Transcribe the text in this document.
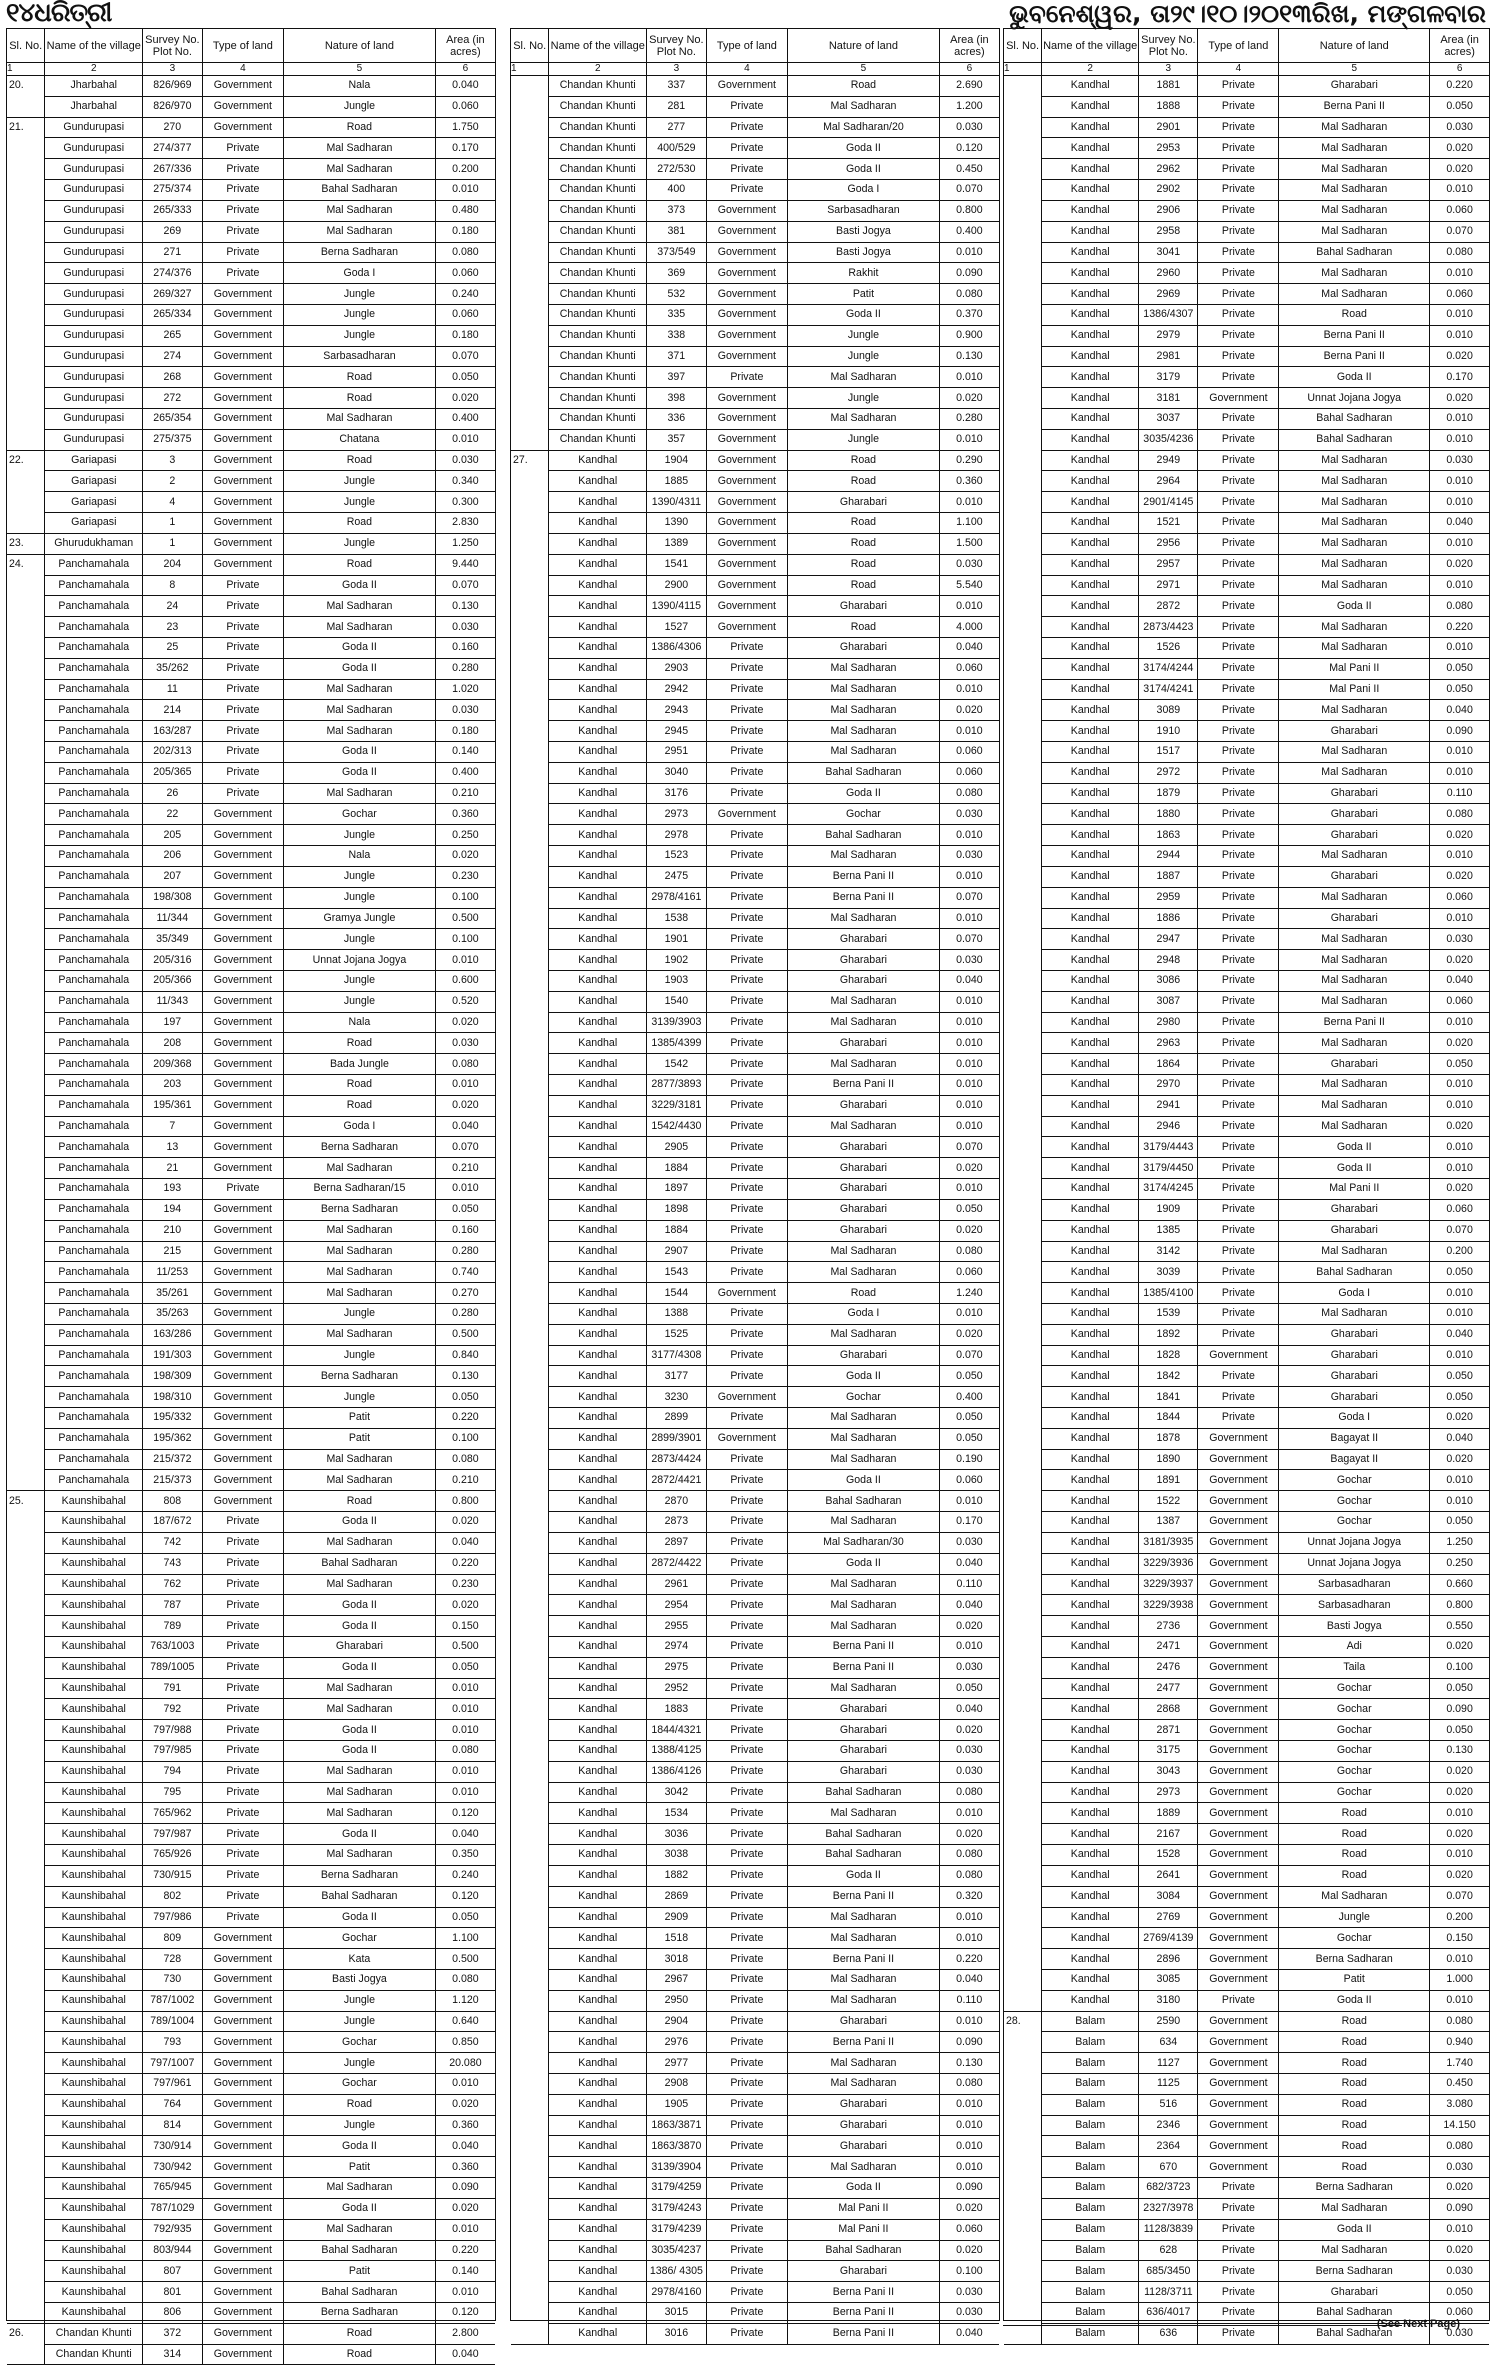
୧୪ଧରିତ୍ରୀ	ଭୁବନେଶ୍ୱର, ତା୨୯।୧୦।୨୦୧୩ରିଖ, ମଙ୍ଗଳବାର
Sl. No.	Name of the village	Survey No. Plot No.	Type of land	Nature of land	Area (in acres)
1	2	3	4	5	6
20.	Jharbahal	826/969	Government	Nala	0.040
	Jharbahal	826/970	Government	Jungle	0.060
21.	Gundurupasi	270	Government	Road	1.750
	Gundurupasi	274/377	Private	Mal Sadharan	0.170
	Gundurupasi	267/336	Private	Mal Sadharan	0.200
	Gundurupasi	275/374	Private	Bahal Sadharan	0.010
	Gundurupasi	265/333	Private	Mal Sadharan	0.480
	Gundurupasi	269	Private	Mal Sadharan	0.180
	Gundurupasi	271	Private	Berna Sadharan	0.080
	Gundurupasi	274/376	Private	Goda I	0.060
	Gundurupasi	269/327	Government	Jungle	0.240
	Gundurupasi	265/334	Government	Jungle	0.060
	Gundurupasi	265	Government	Jungle	0.180
	Gundurupasi	274	Government	Sarbasadharan	0.070
	Gundurupasi	268	Government	Road	0.050
	Gundurupasi	272	Government	Road	0.020
	Gundurupasi	265/354	Government	Mal Sadharan	0.400
	Gundurupasi	275/375	Government	Chatana	0.010
22.	Gariapasi	3	Government	Road	0.030
	Gariapasi	2	Government	Jungle	0.340
	Gariapasi	4	Government	Jungle	0.300
	Gariapasi	1	Government	Road	2.830
23.	Ghurudukhaman	1	Government	Jungle	1.250
24.	Panchamahala	204	Government	Road	9.440
	Panchamahala	8	Private	Goda II	0.070
	Panchamahala	24	Private	Mal Sadharan	0.130
	Panchamahala	23	Private	Mal Sadharan	0.030
	Panchamahala	25	Private	Goda II	0.160
	Panchamahala	35/262	Private	Goda II	0.280
	Panchamahala	11	Private	Mal Sadharan	1.020
	Panchamahala	214	Private	Mal Sadharan	0.030
	Panchamahala	163/287	Private	Mal Sadharan	0.180
	Panchamahala	202/313	Private	Goda II	0.140
	Panchamahala	205/365	Private	Goda II	0.400
	Panchamahala	26	Private	Mal Sadharan	0.210
	Panchamahala	22	Government	Gochar	0.360
	Panchamahala	205	Government	Jungle	0.250
	Panchamahala	206	Government	Nala	0.020
	Panchamahala	207	Government	Jungle	0.230
	Panchamahala	198/308	Government	Jungle	0.100
	Panchamahala	11/344	Government	Gramya Jungle	0.500
	Panchamahala	35/349	Government	Jungle	0.100
	Panchamahala	205/316	Government	Unnat Jojana Jogya	0.010
	Panchamahala	205/366	Government	Jungle	0.600
	Panchamahala	11/343	Government	Jungle	0.520
	Panchamahala	197	Government	Nala	0.020
	Panchamahala	208	Government	Road	0.030
	Panchamahala	209/368	Government	Bada Jungle	0.080
	Panchamahala	203	Government	Road	0.010
	Panchamahala	195/361	Government	Road	0.020
	Panchamahala	7	Government	Goda I	0.040
	Panchamahala	13	Government	Berna Sadharan	0.070
	Panchamahala	21	Government	Mal Sadharan	0.210
	Panchamahala	193	Private	Berna Sadharan/15	0.010
	Panchamahala	194	Government	Berna Sadharan	0.050
	Panchamahala	210	Government	Mal Sadharan	0.160
	Panchamahala	215	Government	Mal Sadharan	0.280
	Panchamahala	11/253	Government	Mal Sadharan	0.740
	Panchamahala	35/261	Government	Mal Sadharan	0.270
	Panchamahala	35/263	Government	Jungle	0.280
	Panchamahala	163/286	Government	Mal Sadharan	0.500
	Panchamahala	191/303	Government	Jungle	0.840
	Panchamahala	198/309	Government	Berna Sadharan	0.130
	Panchamahala	198/310	Government	Jungle	0.050
	Panchamahala	195/332	Government	Patit	0.220
	Panchamahala	195/362	Government	Patit	0.100
	Panchamahala	215/372	Government	Mal Sadharan	0.080
	Panchamahala	215/373	Government	Mal Sadharan	0.210
25.	Kaunshibahal	808	Government	Road	0.800
	Kaunshibahal	187/672	Private	Goda II	0.020
	Kaunshibahal	742	Private	Mal Sadharan	0.040
	Kaunshibahal	743	Private	Bahal Sadharan	0.220
	Kaunshibahal	762	Private	Mal Sadharan	0.230
	Kaunshibahal	787	Private	Goda II	0.020
	Kaunshibahal	789	Private	Goda II	0.150
	Kaunshibahal	763/1003	Private	Gharabari	0.500
	Kaunshibahal	789/1005	Private	Goda II	0.050
	Kaunshibahal	791	Private	Mal Sadharan	0.010
	Kaunshibahal	792	Private	Mal Sadharan	0.010
	Kaunshibahal	797/988	Private	Goda II	0.010
	Kaunshibahal	797/985	Private	Goda II	0.080
	Kaunshibahal	794	Private	Mal Sadharan	0.010
	Kaunshibahal	795	Private	Mal Sadharan	0.010
	Kaunshibahal	765/962	Private	Mal Sadharan	0.120
	Kaunshibahal	797/987	Private	Goda II	0.040
	Kaunshibahal	765/926	Private	Mal Sadharan	0.350
	Kaunshibahal	730/915	Private	Berna Sadharan	0.240
	Kaunshibahal	802	Private	Bahal Sadharan	0.120
	Kaunshibahal	797/986	Private	Goda II	0.050
	Kaunshibahal	809	Government	Gochar	1.100
	Kaunshibahal	728	Government	Kata	0.500
	Kaunshibahal	730	Government	Basti Jogya	0.080
	Kaunshibahal	787/1002	Government	Jungle	1.120
	Kaunshibahal	789/1004	Government	Jungle	0.640
	Kaunshibahal	793	Government	Gochar	0.850
	Kaunshibahal	797/1007	Government	Jungle	20.080
	Kaunshibahal	797/961	Government	Gochar	0.010
	Kaunshibahal	764	Government	Road	0.020
	Kaunshibahal	814	Government	Jungle	0.360
	Kaunshibahal	730/914	Government	Goda II	0.040
	Kaunshibahal	730/942	Government	Patit	0.360
	Kaunshibahal	765/945	Government	Mal Sadharan	0.090
	Kaunshibahal	787/1029	Government	Goda II	0.020
	Kaunshibahal	792/935	Government	Mal Sadharan	0.010
	Kaunshibahal	803/944	Government	Bahal Sadharan	0.220
	Kaunshibahal	807	Government	Patit	0.140
	Kaunshibahal	801	Government	Bahal Sadharan	0.010
	Kaunshibahal	806	Government	Berna Sadharan	0.120
26.	Chandan Khunti	372	Government	Road	2.800
	Chandan Khunti	314	Government	Road	0.040
Sl. No.	Name of the village	Survey No. Plot No.	Type of land	Nature of land	Area (in acres)
1	2	3	4	5	6
	Chandan Khunti	337	Government	Road	2.690
	Chandan Khunti	281	Private	Mal Sadharan	1.200
	Chandan Khunti	277	Private	Mal Sadharan/20	0.030
	Chandan Khunti	400/529	Private	Goda II	0.120
	Chandan Khunti	272/530	Private	Goda II	0.450
	Chandan Khunti	400	Private	Goda I	0.070
	Chandan Khunti	373	Government	Sarbasadharan	0.800
	Chandan Khunti	381	Government	Basti Jogya	0.400
	Chandan Khunti	373/549	Government	Basti Jogya	0.010
	Chandan Khunti	369	Government	Rakhit	0.090
	Chandan Khunti	532	Government	Patit	0.080
	Chandan Khunti	335	Government	Goda II	0.370
	Chandan Khunti	338	Government	Jungle	0.900
	Chandan Khunti	371	Government	Jungle	0.130
	Chandan Khunti	397	Private	Mal Sadharan	0.010
	Chandan Khunti	398	Government	Jungle	0.020
	Chandan Khunti	336	Government	Mal Sadharan	0.280
	Chandan Khunti	357	Government	Jungle	0.010
27.	Kandhal	1904	Government	Road	0.290
	Kandhal	1885	Government	Road	0.360
	Kandhal	1390/4311	Government	Gharabari	0.010
	Kandhal	1390	Government	Road	1.100
	Kandhal	1389	Government	Road	1.500
	Kandhal	1541	Government	Road	0.030
	Kandhal	2900	Government	Road	5.540
	Kandhal	1390/4115	Government	Gharabari	0.010
	Kandhal	1527	Government	Road	4.000
	Kandhal	1386/4306	Private	Gharabari	0.040
	Kandhal	2903	Private	Mal Sadharan	0.060
	Kandhal	2942	Private	Mal Sadharan	0.010
	Kandhal	2943	Private	Mal Sadharan	0.020
	Kandhal	2945	Private	Mal Sadharan	0.010
	Kandhal	2951	Private	Mal Sadharan	0.060
	Kandhal	3040	Private	Bahal Sadharan	0.060
	Kandhal	3176	Private	Goda II	0.080
	Kandhal	2973	Government	Gochar	0.030
	Kandhal	2978	Private	Bahal Sadharan	0.010
	Kandhal	1523	Private	Mal Sadharan	0.030
	Kandhal	2475	Private	Berna Pani II	0.010
	Kandhal	2978/4161	Private	Berna Pani II	0.070
	Kandhal	1538	Private	Mal Sadharan	0.010
	Kandhal	1901	Private	Gharabari	0.070
	Kandhal	1902	Private	Gharabari	0.030
	Kandhal	1903	Private	Gharabari	0.040
	Kandhal	1540	Private	Mal Sadharan	0.010
	Kandhal	3139/3903	Private	Mal Sadharan	0.010
	Kandhal	1385/4399	Private	Gharabari	0.010
	Kandhal	1542	Private	Mal Sadharan	0.010
	Kandhal	2877/3893	Private	Berna Pani II	0.010
	Kandhal	3229/3181	Private	Gharabari	0.010
	Kandhal	1542/4430	Private	Mal Sadharan	0.010
	Kandhal	2905	Private	Gharabari	0.070
	Kandhal	1884	Private	Gharabari	0.020
	Kandhal	1897	Private	Gharabari	0.010
	Kandhal	1898	Private	Gharabari	0.050
	Kandhal	1884	Private	Gharabari	0.020
	Kandhal	2907	Private	Mal Sadharan	0.080
	Kandhal	1543	Private	Mal Sadharan	0.060
	Kandhal	1544	Government	Road	1.240
	Kandhal	1388	Private	Goda I	0.010
	Kandhal	1525	Private	Mal Sadharan	0.020
	Kandhal	3177/4308	Private	Gharabari	0.070
	Kandhal	3177	Private	Goda II	0.050
	Kandhal	3230	Government	Gochar	0.400
	Kandhal	2899	Private	Mal Sadharan	0.050
	Kandhal	2899/3901	Government	Mal Sadharan	0.050
	Kandhal	2873/4424	Private	Mal Sadharan	0.190
	Kandhal	2872/4421	Private	Goda II	0.060
	Kandhal	2870	Private	Bahal Sadharan	0.010
	Kandhal	2873	Private	Mal Sadharan	0.170
	Kandhal	2897	Private	Mal Sadharan/30	0.030
	Kandhal	2872/4422	Private	Goda II	0.040
	Kandhal	2961	Private	Mal Sadharan	0.110
	Kandhal	2954	Private	Mal Sadharan	0.040
	Kandhal	2955	Private	Mal Sadharan	0.020
	Kandhal	2974	Private	Berna Pani II	0.010
	Kandhal	2975	Private	Berna Pani II	0.030
	Kandhal	2952	Private	Mal Sadharan	0.050
	Kandhal	1883	Private	Gharabari	0.040
	Kandhal	1844/4321	Private	Gharabari	0.020
	Kandhal	1388/4125	Private	Gharabari	0.030
	Kandhal	1386/4126	Private	Gharabari	0.030
	Kandhal	3042	Private	Bahal Sadharan	0.080
	Kandhal	1534	Private	Mal Sadharan	0.010
	Kandhal	3036	Private	Bahal Sadharan	0.020
	Kandhal	3038	Private	Bahal Sadharan	0.080
	Kandhal	1882	Private	Goda II	0.080
	Kandhal	2869	Private	Berna Pani II	0.320
	Kandhal	2909	Private	Mal Sadharan	0.010
	Kandhal	1518	Private	Mal Sadharan	0.010
	Kandhal	3018	Private	Berna Pani II	0.220
	Kandhal	2967	Private	Mal Sadharan	0.040
	Kandhal	2950	Private	Mal Sadharan	0.110
	Kandhal	2904	Private	Gharabari	0.010
	Kandhal	2976	Private	Berna Pani II	0.090
	Kandhal	2977	Private	Mal Sadharan	0.130
	Kandhal	2908	Private	Mal Sadharan	0.080
	Kandhal	1905	Private	Gharabari	0.010
	Kandhal	1863/3871	Private	Gharabari	0.010
	Kandhal	1863/3870	Private	Gharabari	0.010
	Kandhal	3139/3904	Private	Mal Sadharan	0.010
	Kandhal	3179/4259	Private	Goda II	0.090
	Kandhal	3179/4243	Private	Mal Pani II	0.020
	Kandhal	3179/4239	Private	Mal Pani II	0.060
	Kandhal	3035/4237	Private	Bahal Sadharan	0.020
	Kandhal	1386/ 4305	Private	Gharabari	0.100
	Kandhal	2978/4160	Private	Berna Pani II	0.030
	Kandhal	3015	Private	Berna Pani II	0.030
	Kandhal	3016	Private	Berna Pani II	0.040
Sl. No.	Name of the village	Survey No. Plot No.	Type of land	Nature of land	Area (in acres)
1	2	3	4	5	6
	Kandhal	1881	Private	Gharabari	0.220
	Kandhal	1888	Private	Berna Pani II	0.050
	Kandhal	2901	Private	Mal Sadharan	0.030
	Kandhal	2953	Private	Mal Sadharan	0.020
	Kandhal	2962	Private	Mal Sadharan	0.020
	Kandhal	2902	Private	Mal Sadharan	0.010
	Kandhal	2906	Private	Mal Sadharan	0.060
	Kandhal	2958	Private	Mal Sadharan	0.070
	Kandhal	3041	Private	Bahal Sadharan	0.080
	Kandhal	2960	Private	Mal Sadharan	0.010
	Kandhal	2969	Private	Mal Sadharan	0.060
	Kandhal	1386/4307	Private	Road	0.010
	Kandhal	2979	Private	Berna Pani II	0.010
	Kandhal	2981	Private	Berna Pani II	0.020
	Kandhal	3179	Private	Goda II	0.170
	Kandhal	3181	Government	Unnat Jojana Jogya	0.020
	Kandhal	3037	Private	Bahal Sadharan	0.010
	Kandhal	3035/4236	Private	Bahal Sadharan	0.010
	Kandhal	2949	Private	Mal Sadharan	0.030
	Kandhal	2964	Private	Mal Sadharan	0.010
	Kandhal	2901/4145	Private	Mal Sadharan	0.010
	Kandhal	1521	Private	Mal Sadharan	0.040
	Kandhal	2956	Private	Mal Sadharan	0.010
	Kandhal	2957	Private	Mal Sadharan	0.020
	Kandhal	2971	Private	Mal Sadharan	0.010
	Kandhal	2872	Private	Goda II	0.080
	Kandhal	2873/4423	Private	Mal Sadharan	0.220
	Kandhal	1526	Private	Mal Sadharan	0.010
	Kandhal	3174/4244	Private	Mal Pani II	0.050
	Kandhal	3174/4241	Private	Mal Pani II	0.050
	Kandhal	3089	Private	Mal Sadharan	0.040
	Kandhal	1910	Private	Gharabari	0.090
	Kandhal	1517	Private	Mal Sadharan	0.010
	Kandhal	2972	Private	Mal Sadharan	0.010
	Kandhal	1879	Private	Gharabari	0.110
	Kandhal	1880	Private	Gharabari	0.080
	Kandhal	1863	Private	Gharabari	0.020
	Kandhal	2944	Private	Mal Sadharan	0.010
	Kandhal	1887	Private	Gharabari	0.020
	Kandhal	2959	Private	Mal Sadharan	0.060
	Kandhal	1886	Private	Gharabari	0.010
	Kandhal	2947	Private	Mal Sadharan	0.030
	Kandhal	2948	Private	Mal Sadharan	0.020
	Kandhal	3086	Private	Mal Sadharan	0.040
	Kandhal	3087	Private	Mal Sadharan	0.060
	Kandhal	2980	Private	Berna Pani II	0.010
	Kandhal	2963	Private	Mal Sadharan	0.020
	Kandhal	1864	Private	Gharabari	0.050
	Kandhal	2970	Private	Mal Sadharan	0.010
	Kandhal	2941	Private	Mal Sadharan	0.010
	Kandhal	2946	Private	Mal Sadharan	0.020
	Kandhal	3179/4443	Private	Goda II	0.010
	Kandhal	3179/4450	Private	Goda II	0.010
	Kandhal	3174/4245	Private	Mal Pani II	0.020
	Kandhal	1909	Private	Gharabari	0.060
	Kandhal	1385	Private	Gharabari	0.070
	Kandhal	3142	Private	Mal Sadharan	0.200
	Kandhal	3039	Private	Bahal Sadharan	0.050
	Kandhal	1385/4100	Private	Goda I	0.010
	Kandhal	1539	Private	Mal Sadharan	0.010
	Kandhal	1892	Private	Gharabari	0.040
	Kandhal	1828	Government	Gharabari	0.010
	Kandhal	1842	Private	Gharabari	0.050
	Kandhal	1841	Private	Gharabari	0.050
	Kandhal	1844	Private	Goda I	0.020
	Kandhal	1878	Government	Bagayat II	0.040
	Kandhal	1890	Government	Bagayat II	0.020
	Kandhal	1891	Government	Gochar	0.010
	Kandhal	1522	Government	Gochar	0.010
	Kandhal	1387	Government	Gochar	0.050
	Kandhal	3181/3935	Government	Unnat Jojana Jogya	1.250
	Kandhal	3229/3936	Government	Unnat Jojana Jogya	0.250
	Kandhal	3229/3937	Government	Sarbasadharan	0.660
	Kandhal	3229/3938	Government	Sarbasadharan	0.800
	Kandhal	2736	Government	Basti Jogya	0.550
	Kandhal	2471	Government	Adi	0.020
	Kandhal	2476	Government	Taila	0.100
	Kandhal	2477	Government	Gochar	0.050
	Kandhal	2868	Government	Gochar	0.090
	Kandhal	2871	Government	Gochar	0.050
	Kandhal	3175	Government	Gochar	0.130
	Kandhal	3043	Government	Gochar	0.020
	Kandhal	2973	Government	Gochar	0.020
	Kandhal	1889	Government	Road	0.010
	Kandhal	2167	Government	Road	0.020
	Kandhal	1528	Government	Road	0.010
	Kandhal	2641	Government	Road	0.020
	Kandhal	3084	Government	Mal Sadharan	0.070
	Kandhal	2769	Government	Jungle	0.200
	Kandhal	2769/4139	Government	Gochar	0.150
	Kandhal	2896	Government	Berna Sadharan	0.010
	Kandhal	3085	Government	Patit	1.000
	Kandhal	3180	Private	Goda II	0.010
28.	Balam	2590	Government	Road	0.080
	Balam	634	Government	Road	0.940
	Balam	1127	Government	Road	1.740
	Balam	1125	Government	Road	0.450
	Balam	516	Government	Road	3.080
	Balam	2346	Government	Road	14.150
	Balam	2364	Government	Road	0.080
	Balam	670	Government	Road	0.030
	Balam	682/3723	Private	Berna Sadharan	0.020
	Balam	2327/3978	Private	Mal Sadharan	0.090
	Balam	1128/3839	Private	Goda II	0.010
	Balam	628	Private	Mal Sadharan	0.020
	Balam	685/3450	Private	Berna Sadharan	0.030
	Balam	1128/3711	Private	Gharabari	0.050
	Balam	636/4017	Private	Bahal Sadharan	0.060
	Balam	636	Private	Bahal Sadharan	0.030
(See Next Page)
